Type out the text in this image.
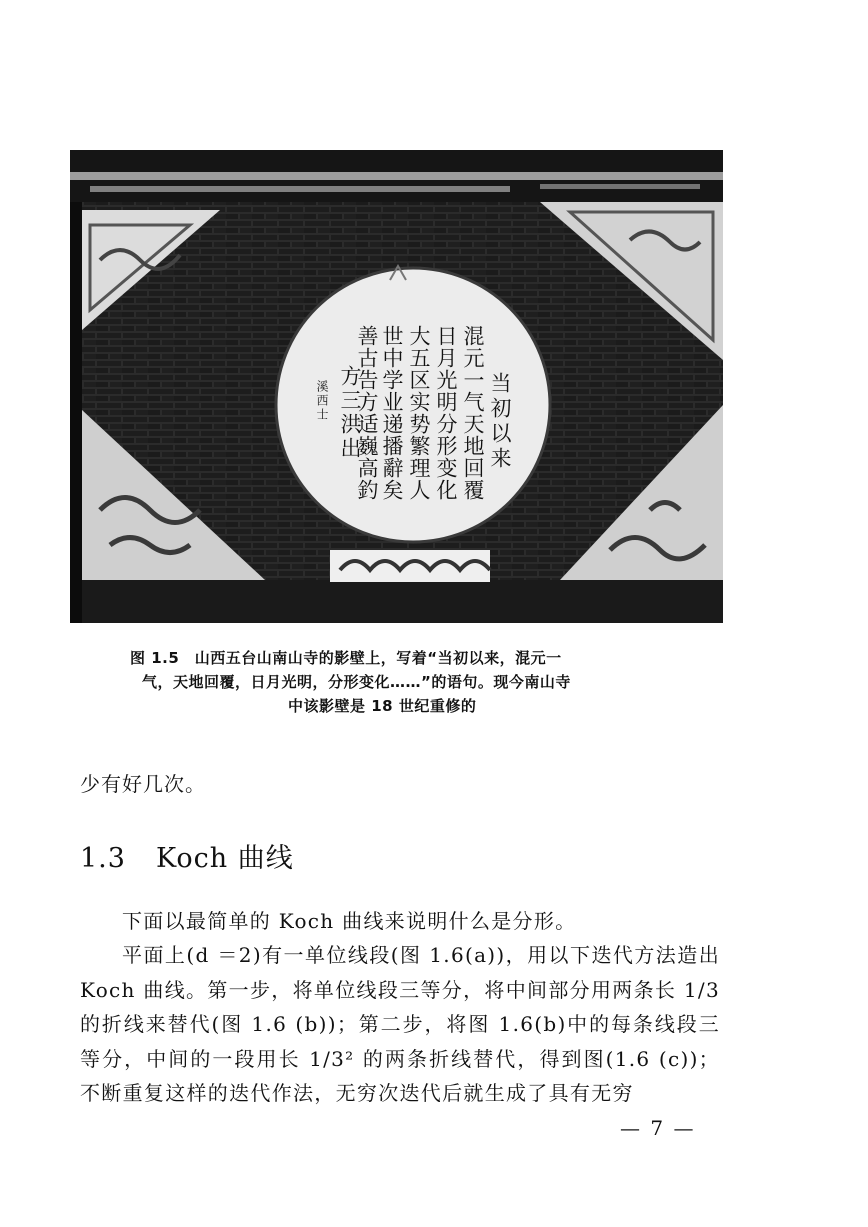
当初以来
混元一气天地回覆
日月光明分形变化
大五区实势繁理人
世中学业递播辭矣
善古告方适巍高釣
方三洪出
溪西士
图 1.5　山西五台山南山寺的影壁上，写着“当初以来，混元一
气，天地回覆，日月光明，分形变化……”的语句。现今南山寺
中该影壁是 18 世纪重修的
少有好几次。
1.3 Koch 曲线
下面以最简单的 Koch 曲线来说明什么是分形。
平面上(d ＝2)有一单位线段(图 1.6(a))，用以下迭代方法造出 Koch 曲线。第一步，将单位线段三等分，将中间部分用两条长 1/3 的折线来替代(图 1.6 (b))；第二步，将图 1.6(b)中的每条线段三等分，中间的一段用长 1/3² 的两条折线替代，得到图(1.6 (c))；不断重复这样的迭代作法，无穷次迭代后就生成了具有无穷
— 7 —
